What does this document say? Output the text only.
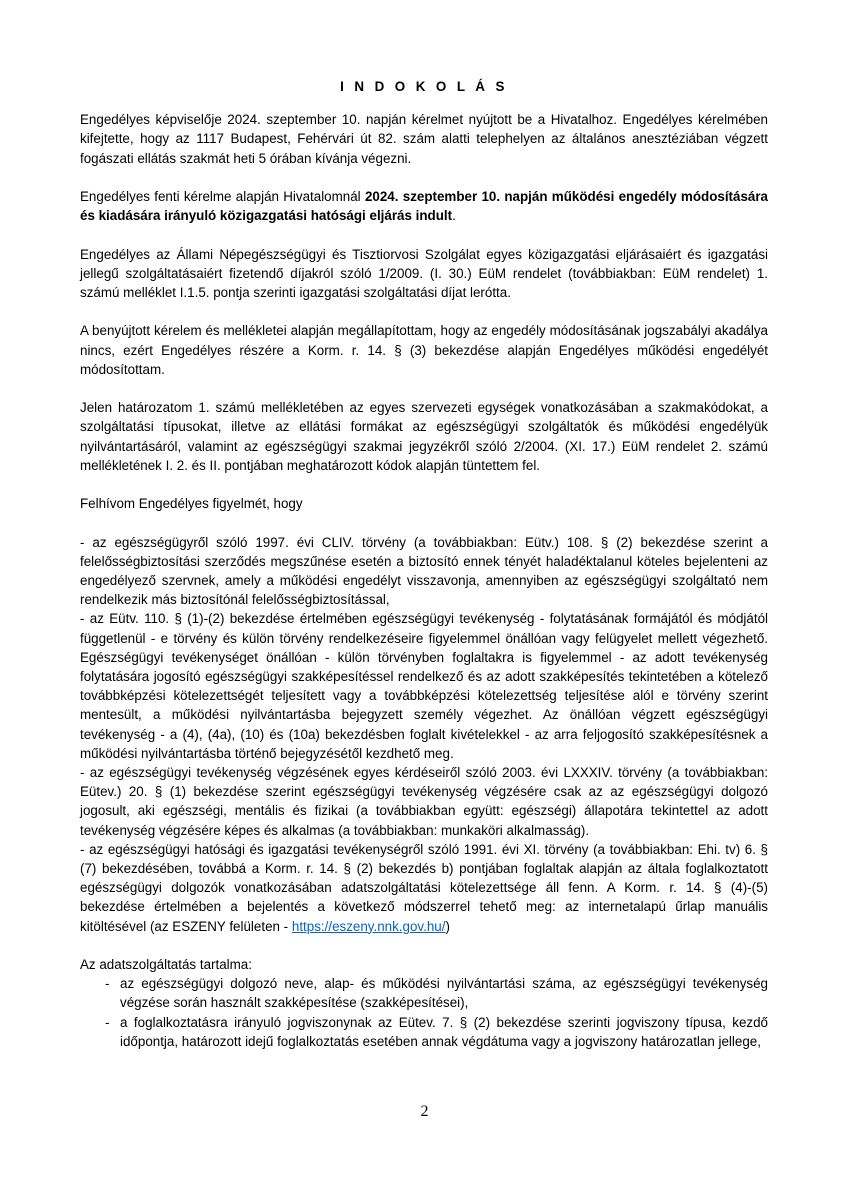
I N D O K O L Á S

Engedélyes képviselője 2024. szeptember 10. napján kérelmet nyújtott be a Hivatalhoz. Engedélyes kérelmében kifejtette, hogy az 1117 Budapest, Fehérvári út 82. szám alatti telephelyen az általános anesztéziában végzett fogászati ellátás szakmát heti 5 órában kívánja végezni.

Engedélyes fenti kérelme alapján Hivatalomnál 2024. szeptember 10. napján működési engedély módosítására és kiadására irányuló közigazgatási hatósági eljárás indult.

Engedélyes az Állami Népegészségügyi és Tisztiorvosi Szolgálat egyes közigazgatási eljárásaiért és igazgatási jellegű szolgáltatásaiért fizetendő díjakról szóló 1/2009. (I. 30.) EüM rendelet (továbbiakban: EüM rendelet) 1. számú melléklet I.1.5. pontja szerinti igazgatási szolgáltatási díjat lerótta.

A benyújtott kérelem és mellékletei alapján megállapítottam, hogy az engedély módosításának jogszabályi akadálya nincs, ezért Engedélyes részére a Korm. r. 14. § (3) bekezdése alapján Engedélyes működési engedélyét módosítottam.

Jelen határozatom 1. számú mellékletében az egyes szervezeti egységek vonatkozásában a szakmakódokat, a szolgáltatási típusokat, illetve az ellátási formákat az egészségügyi szolgáltatók és működési engedélyük nyilvántartásáról, valamint az egészségügyi szakmai jegyzékről szóló 2/2004. (XI. 17.) EüM rendelet 2. számú mellékletének I. 2. és II. pontjában meghatározott kódok alapján tüntettem fel.

Felhívom Engedélyes figyelmét, hogy

- az egészségügyről szóló 1997. évi CLIV. törvény (a továbbiakban: Eütv.) 108. § (2) bekezdése szerint a felelősségbiztosítási szerződés megszűnése esetén a biztosító ennek tényét haladéktalanul köteles bejelenteni az engedélyező szervnek, amely a működési engedélyt visszavonja, amennyiben az egészségügyi szolgáltató nem rendelkezik más biztosítónál felelősségbiztosítással,

- az Eütv. 110. § (1)-(2) bekezdése értelmében egészségügyi tevékenység - folytatásának formájától és módjától függetlenül - e törvény és külön törvény rendelkezéseire figyelemmel önállóan vagy felügyelet mellett végezhető. Egészségügyi tevékenységet önállóan - külön törvényben foglaltakra is figyelemmel - az adott tevékenység folytatására jogosító egészségügyi szakképesítéssel rendelkező és az adott szakképesítés tekintetében a kötelező továbbképzési kötelezettségét teljesített vagy a továbbképzési kötelezettség teljesítése alól e törvény szerint mentesült, a működési nyilvántartásba bejegyzett személy végezhet. Az önállóan végzett egészségügyi tevékenység - a (4), (4a), (10) és (10a) bekezdésben foglalt kivételekkel - az arra feljogosító szakképesítésnek a működési nyilvántartásba történő bejegyzésétől kezdhető meg.

- az egészségügyi tevékenység végzésének egyes kérdéseiről szóló 2003. évi LXXXIV. törvény (a továbbiakban: Eütev.) 20. § (1) bekezdése szerint egészségügyi tevékenység végzésére csak az az egészségügyi dolgozó jogosult, aki egészségi, mentális és fizikai (a továbbiakban együtt: egészségi) állapotára tekintettel az adott tevékenység végzésére képes és alkalmas (a továbbiakban: munkaköri alkalmasság).

- az egészségügyi hatósági és igazgatási tevékenységről szóló 1991. évi XI. törvény (a továbbiakban: Ehi. tv) 6. § (7) bekezdésében, továbbá a Korm. r. 14. § (2) bekezdés b) pontjában foglaltak alapján az általa foglalkoztatott egészségügyi dolgozók vonatkozásában adatszolgáltatási kötelezettsége áll fenn. A Korm. r. 14. § (4)-(5) bekezdése értelmében a bejelentés a következő módszerrel tehető meg: az internetalapú űrlap manuális kitöltésével (az ESZENY felületen - https://eszeny.nnk.gov.hu/)

Az adatszolgáltatás tartalma:

- az egészségügyi dolgozó neve, alap- és működési nyilvántartási száma, az egészségügyi tevékenység végzése során használt szakképesítése (szakképesítései),
- a foglalkoztatásra irányuló jogviszonynak az Eütev. 7. § (2) bekezdése szerinti jogviszony típusa, kezdő időpontja, határozott idejű foglalkoztatás esetében annak végdátuma vagy a jogviszony határozatlan jellege,
2
